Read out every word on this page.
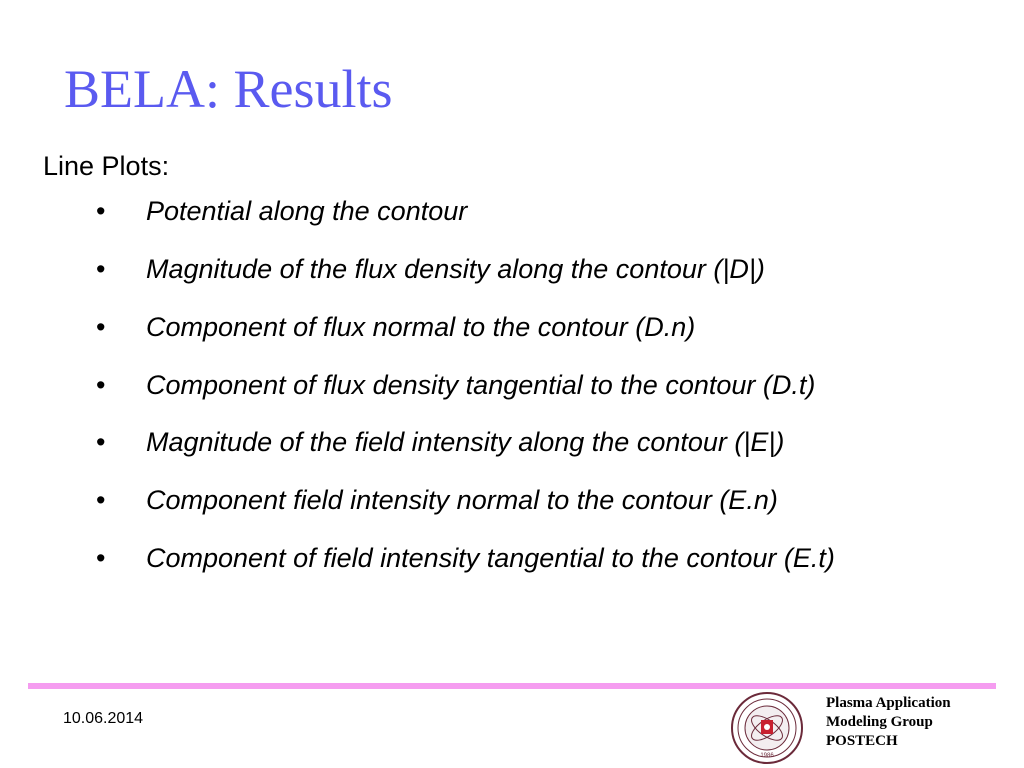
BELA: Results
Line Plots:
• Potential along the contour
• Magnitude of the flux density along the contour (|D|)
• Component of flux normal to the contour (D.n)
• Component of flux density tangential to the contour (D.t)
• Magnitude of the field intensity along the contour (|E|)
• Component field intensity normal to the contour (E.n)
• Component of field intensity tangential to the contour (E.t)
10.06.2014
1986
Plasma Application
Modeling Group
POSTECH
